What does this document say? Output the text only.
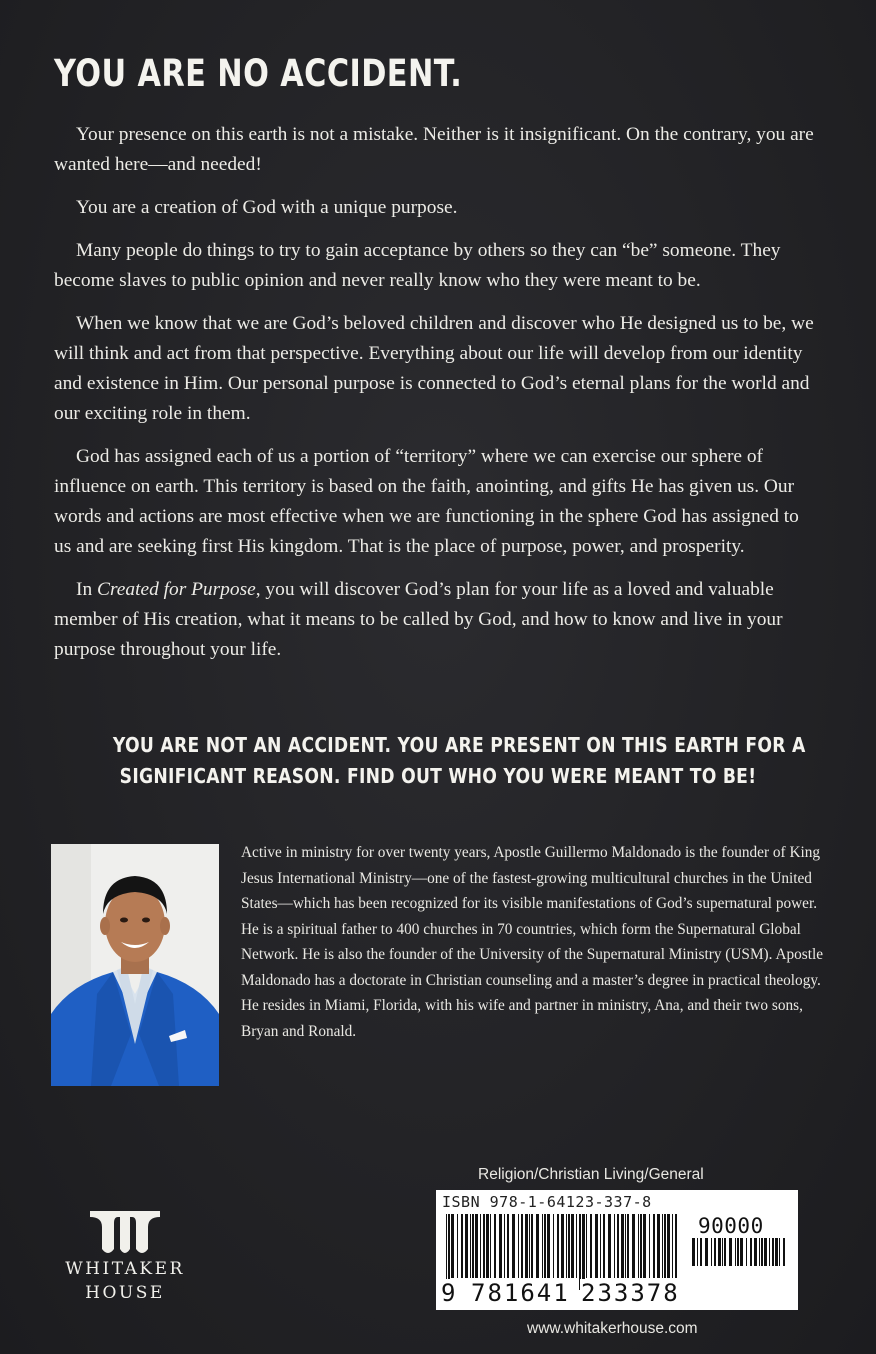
YOU ARE NO ACCIDENT.

Your presence on this earth is not a mistake. Neither is it insignificant. On the contrary, you are wanted here—and needed!

You are a creation of God with a unique purpose.

Many people do things to try to gain acceptance by others so they can “be” someone. They become slaves to public opinion and never really know who they were meant to be.

When we know that we are God’s beloved children and discover who He designed us to be, we will think and act from that perspective. Everything about our life will develop from our identity and existence in Him. Our personal purpose is connected to God’s eternal plans for the world and our exciting role in them.

God has assigned each of us a portion of “territory” where we can exercise our sphere of influence on earth. This territory is based on the faith, anointing, and gifts He has given us. Our words and actions are most effective when we are functioning in the sphere God has assigned to us and are seeking first His kingdom. That is the place of purpose, power, and prosperity.

In Created for Purpose, you will discover God’s plan for your life as a loved and valuable member of His creation, what it means to be called by God, and how to know and live in your purpose throughout your life.

YOU ARE NOT AN ACCIDENT. YOU ARE PRESENT ON THIS EARTH FOR A
SIGNIFICANT REASON. FIND OUT WHO YOU WERE MEANT TO BE!
Active in ministry for over twenty years, Apostle Guillermo Maldonado is the founder of King Jesus International Ministry—one of the fastest-growing multicultural churches in the United States—which has been recognized for its visible manifestations of God’s supernatural power. He is a spiritual father to 400 churches in 70 countries, which form the Supernatural Global Network. He is also the founder of the University of the Supernatural Ministry (USM). Apostle Maldonado has a doctorate in Christian counseling and a master’s degree in practical theology. He resides in Miami, Florida, with his wife and partner in ministry, Ana, and their two sons, Bryan and Ronald.
WHITAKER
HOUSE
Religion/Christian Living/General
ISBN 978-1-64123-337-8
90000
9 781641 233378
www.whitakerhouse.com
